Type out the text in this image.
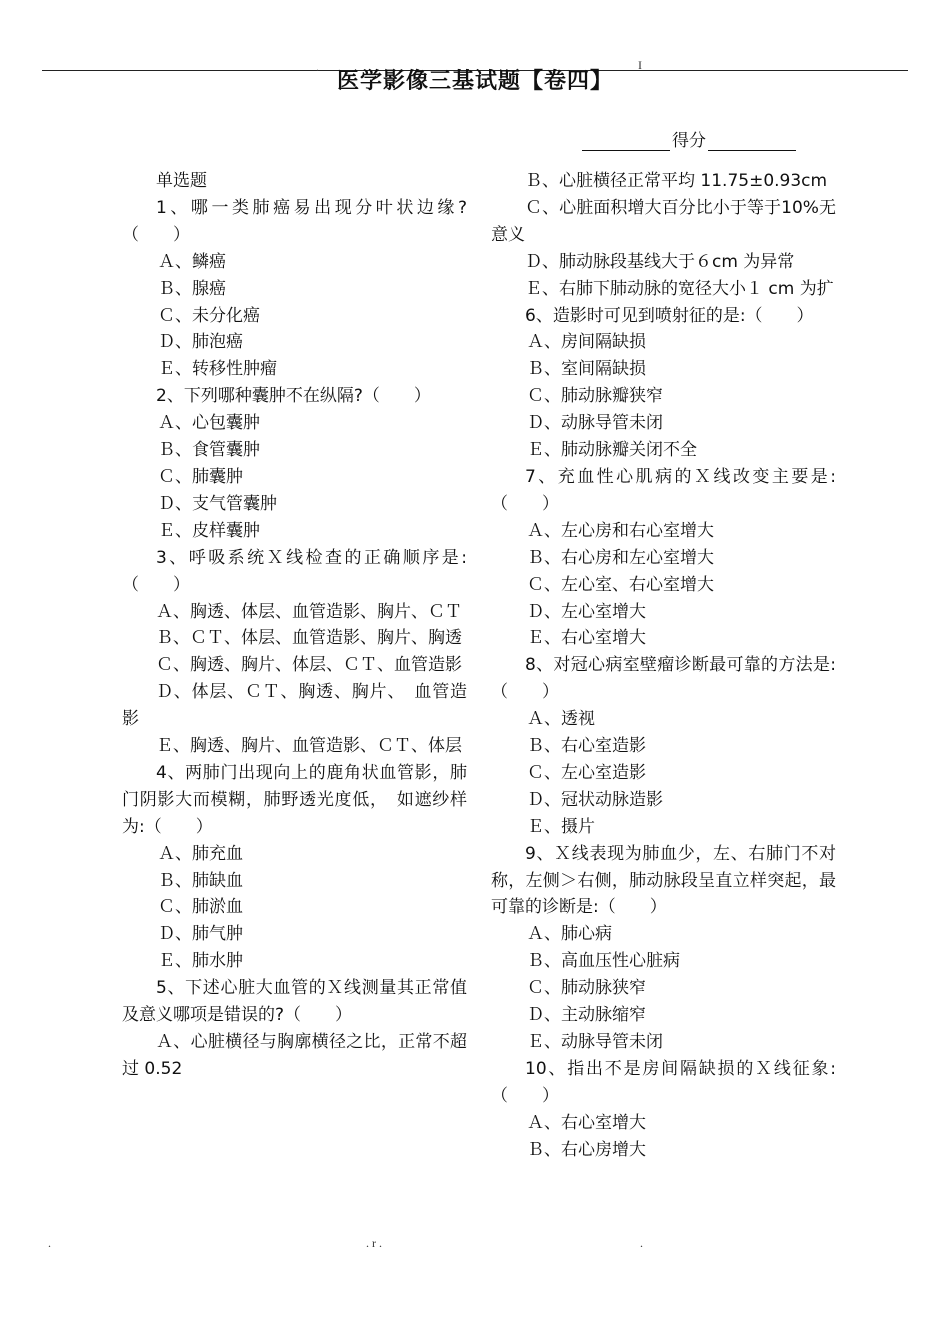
.	I
医学影像三基试题【卷四】
得分

单选题

1、哪一类肺癌易出现分叶状边缘?（　　）

Ａ、鳞癌

Ｂ、腺癌

Ｃ、未分化癌

Ｄ、肺泡癌

Ｅ、转移性肿瘤

2、下列哪种囊肿不在纵隔?（　　）

Ａ、心包囊肿

Ｂ、食管囊肿

Ｃ、肺囊肿

Ｄ、支气管囊肿

Ｅ、皮样囊肿

3、呼吸系统Ｘ线检查的正确顺序是:（　　）

Ａ、胸透、体层、血管造影、胸片、ＣＴ

Ｂ、ＣＴ、体层、血管造影、胸片、胸透

Ｃ、胸透、胸片、体层、ＣＴ、血管造影

Ｄ、体层、ＣＴ、胸透、胸片、　血管造影

Ｅ、胸透、胸片、血管造影、ＣＴ、体层

4、两肺门出现向上的鹿角状血管影，肺门阴影大而模糊，肺野透光度低，　如遮纱样为:（　　）

Ａ、肺充血

Ｂ、肺缺血

Ｃ、肺淤血

Ｄ、肺气肿

Ｅ、肺水肿

5、下述心脏大血管的Ｘ线测量其正常值及意义哪项是错误的?（　　）

Ａ、心脏横径与胸廓横径之比，正常不超过 0.52

Ｂ、心脏横径正常平均 11.75±0.93cm

Ｃ、心脏面积增大百分比小于等于10%无意义

Ｄ、肺动脉段基线大于６cm 为异常

Ｅ、右肺下肺动脉的宽径大小１ cm 为扩

6、造影时可见到喷射征的是:（　　）

Ａ、房间隔缺损

Ｂ、室间隔缺损

Ｃ、肺动脉瓣狭窄

Ｄ、动脉导管未闭

Ｅ、肺动脉瓣关闭不全

7、充血性心肌病的Ｘ线改变主要是:（　　）

Ａ、左心房和右心室增大

Ｂ、右心房和左心室增大

Ｃ、左心室、右心室增大

Ｄ、左心室增大

Ｅ、右心室增大

8、对冠心病室壁瘤诊断最可靠的方法是:（　　）

Ａ、透视

Ｂ、右心室造影

Ｃ、左心室造影

Ｄ、冠状动脉造影

Ｅ、摄片

9、Ｘ线表现为肺血少，左、右肺门不对称，左侧＞右侧，肺动脉段呈直立样突起，最可靠的诊断是:（　　）

Ａ、肺心病

Ｂ、高血压性心脏病

Ｃ、肺动脉狭窄

Ｄ、主动脉缩窄

Ｅ、动脉导管未闭

10、指出不是房间隔缺损的Ｘ线征象:（　　）

Ａ、右心室增大

Ｂ、右心房增大

.	. r .	.
